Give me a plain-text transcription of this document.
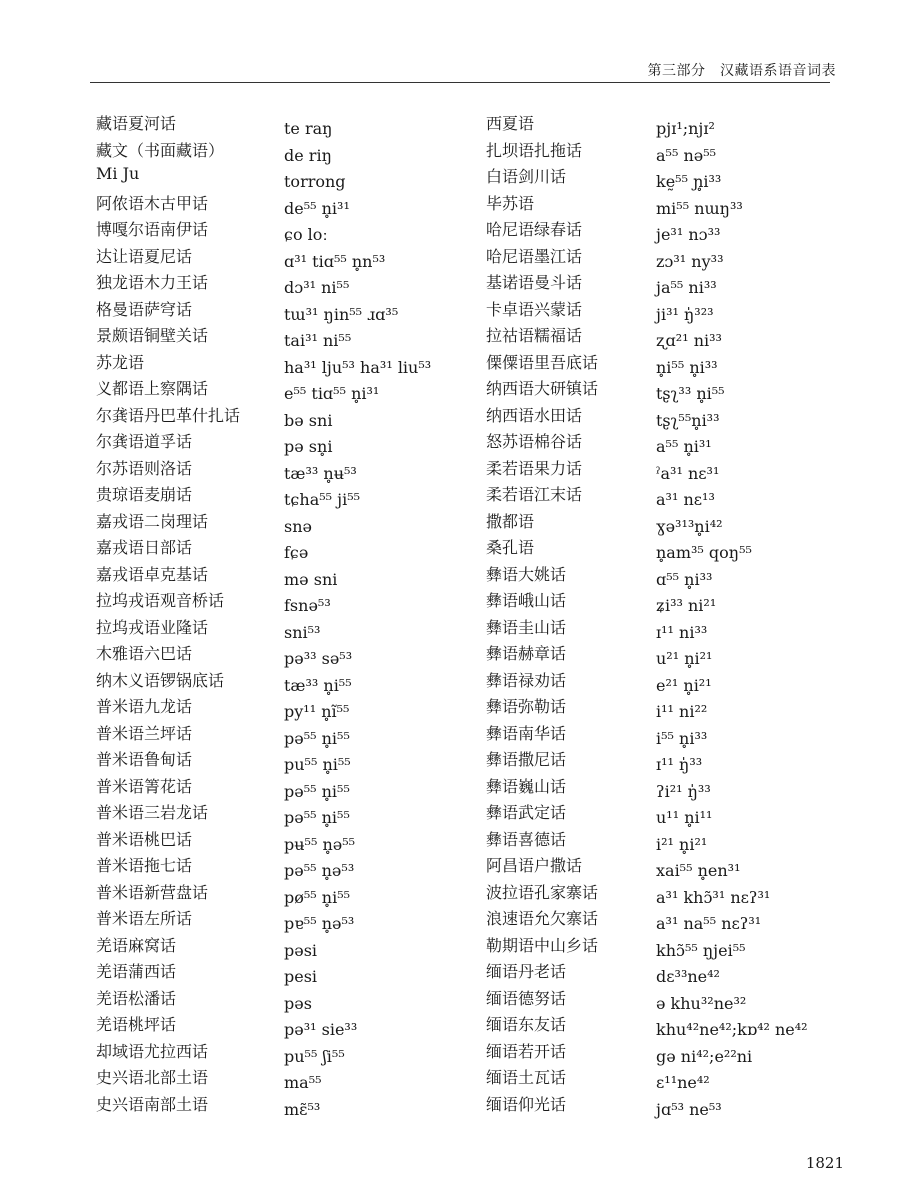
第三部分　汉藏语系语音词表
藏语夏河话	te raŋ
藏文（书面藏语）	de riŋ
Mi Ju	torrong
阿侬语木古甲话	de⁵⁵ n̥i³¹
博嘎尔语南伊话	ɕo loː
达让语夏尼话	ɑ³¹ tiɑ⁵⁵ n̥n⁵³
独龙语木力王话	dɔ³¹ ni⁵⁵
格曼语萨穹话	tɯ³¹ ŋin⁵⁵ ɹɑ³⁵
景颇语铜壁关话	tai³¹ ni⁵⁵
苏龙语	ha³¹ lju⁵³ ha³¹ liu⁵³
义都语上察隅话	e⁵⁵ tiɑ⁵⁵ n̥i³¹
尔龚语丹巴革什扎话	bə sni
尔龚语道孚话	pə sn̥i
尔苏语则洛话	tæ³³ n̥ʉ⁵³
贵琼语麦崩话	tɕha⁵⁵ ji⁵⁵
嘉戎语二岗理话	snə
嘉戎语日部话	fɕə
嘉戎语卓克基话	mə sni
拉坞戎语观音桥话	fsnə⁵³
拉坞戎语业隆话	sni⁵³
木雅语六巴话	pə³³ sə⁵³
纳木义语锣锅底话	tæ³³ n̥i⁵⁵
普米语九龙话	py¹¹ n̥ĩ⁵⁵
普米语兰坪话	pə⁵⁵ n̥i⁵⁵
普米语鲁甸话	pu⁵⁵ n̥i⁵⁵
普米语箐花话	pə⁵⁵ n̥i⁵⁵
普米语三岩龙话	pə⁵⁵ n̥i⁵⁵
普米语桃巴话	pʉ⁵⁵ n̥ə⁵⁵
普米语拖七话	pə⁵⁵ n̥ə⁵³
普米语新营盘话	pø⁵⁵ n̥i⁵⁵
普米语左所话	pɐ⁵⁵ n̥ə⁵³
羌语麻窝话	pəsi
羌语蒲西话	pesi
羌语松潘话	pəs
羌语桃坪话	pə³¹ sie³³
却域语尤拉西话	pu⁵⁵ ʃi⁵⁵
史兴语北部土语	ma⁵⁵
史兴语南部土语	mɛ̃⁵³
西夏语	pjɪ¹;njɪ²
扎坝语扎拖话	a⁵⁵ nə⁵⁵
白语剑川话	kḛ⁵⁵ ɲ̥i³³
毕苏语	mi⁵⁵ nɯŋ³³
哈尼语绿春话	je³¹ nɔ³³
哈尼语墨江话	zɔ³¹ ny³³
基诺语曼斗话	ja⁵⁵ ni³³
卡卓语兴蒙话	ji³¹ ŋ̍³²³
拉祜语糯福话	ʐɑ²¹ ni³³
傈僳语里吾底话	n̥i⁵⁵ n̥i³³
纳西语大研镇话	tʂʅ³³ n̥i⁵⁵
纳西语水田话	tʂʅ⁵⁵n̥i³³
怒苏语棉谷话	a⁵⁵ n̥i³¹
柔若语果力话	ˀa³¹ nɛ³¹
柔若语江末话	a³¹ nɛ¹³
撒都语	ɣə³¹³n̥i⁴²
桑孔语	n̥am³⁵ qoŋ⁵⁵
彝语大姚话	ɑ⁵⁵ n̥i³³
彝语峨山话	ʑi³³ ni²¹
彝语圭山话	ɪ¹¹ ni³³
彝语赫章话	u²¹ n̥i²¹
彝语禄劝话	e²¹ n̥i²¹
彝语弥勒话	i¹¹ ni²²
彝语南华话	i⁵⁵ n̥i³³
彝语撒尼话	ɪ¹¹ ŋ̍³³
彝语巍山话	ʔi²¹ ŋ̍³³
彝语武定话	u¹¹ n̥i¹¹
彝语喜德话	i²¹ n̥i²¹
阿昌语户撒话	xai⁵⁵ n̥en³¹
波拉语孔家寨话	a³¹ khɔ̃³¹ nɛʔ³¹
浪速语允欠寨话	a³¹ na⁵⁵ nɛʔ³¹
勒期语中山乡话	khɔ̃⁵⁵ ŋjei⁵⁵
缅语丹老话	dɛ³³ne⁴²
缅语德努话	ə khu³²ne³²
缅语东友话	khu⁴²ne⁴²;kɒ⁴² ne⁴²
缅语若开话	gə ni⁴²;e²²ni
缅语土瓦话	ɛ¹¹ne⁴²
缅语仰光话	jɑ⁵³ ne⁵³
1821
